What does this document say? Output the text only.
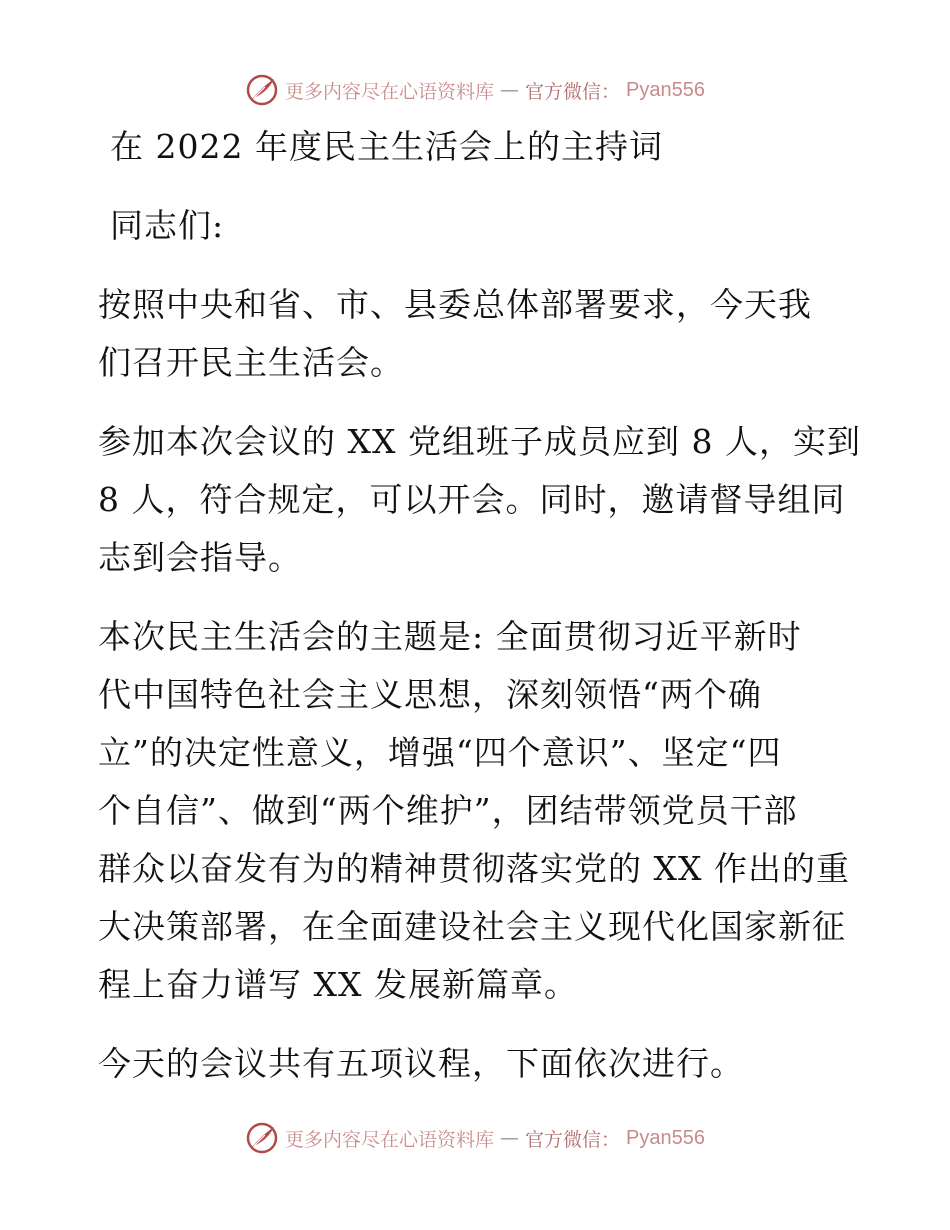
更多内容尽在心语资料库 — 官方微信： Pyan556
在 2022 年度民主生活会上的主持词

同志们:

按照中央和省、市、县委总体部署要求，今天我
们召开民主生活会。

参加本次会议的 XX 党组班子成员应到 8 人，实到
8 人，符合规定，可以开会。同时，邀请督导组同
志到会指导。

本次民主生活会的主题是: 全面贯彻习近平新时
代中国特色社会主义思想，深刻领悟“两个确
立”的决定性意义，增强“四个意识”、坚定“四
个自信”、做到“两个维护”，团结带领党员干部
群众以奋发有为的精神贯彻落实党的 XX 作出的重
大决策部署，在全面建设社会主义现代化国家新征
程上奋力谱写 XX 发展新篇章。

今天的会议共有五项议程，下面依次进行。

更多内容尽在心语资料库 — 官方微信： Pyan556
